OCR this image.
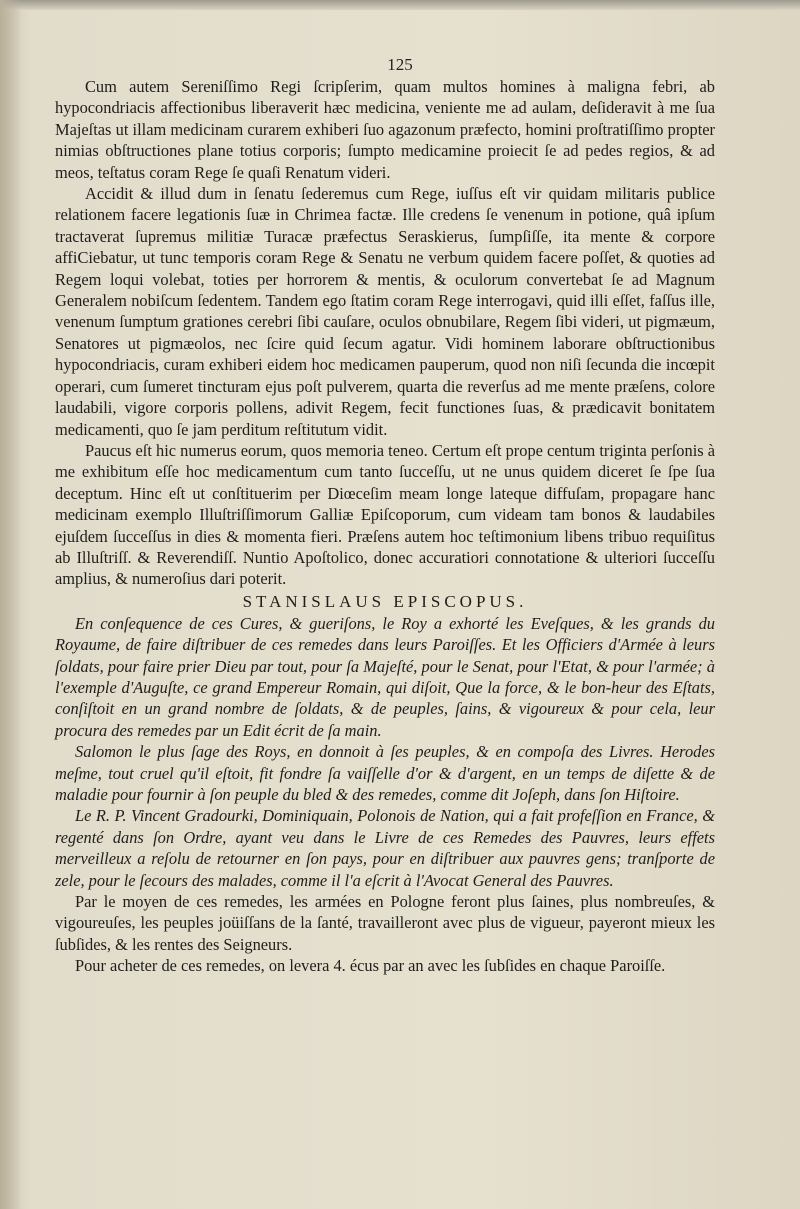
125

Cum autem Sereniſſimo Regi ſcripſerim, quam multos homines à maligna febri, ab hypocondriacis affectionibus liberaverit hæc medicina, veniente me ad aulam, deſideravit à me ſua Majeſtas ut illam medicinam curarem exhiberi ſuo agazonum præfecto, homini proſtratiſſimo propter nimias obſtructiones plane totius corporis; ſumpto medicamine proiecit ſe ad pedes regios, & ad meos, teſtatus coram Rege ſe quaſi Renatum videri.

Accidit & illud dum in ſenatu ſederemus cum Rege, iuſſus eſt vir quidam militaris publice relationem facere legationis ſuæ in Chrimea factæ. Ille credens ſe venenum in potione, quâ ipſum tractaverat ſupremus militiæ Turacæ præfectus Seraskierus, ſumpſiſſe, ita mente & corpore affiCiebatur, ut tunc temporis coram Rege & Senatu ne verbum quidem facere poſſet, & quoties ad Regem loqui volebat, toties per horrorem & mentis, & oculorum convertebat ſe ad Magnum Generalem nobiſcum ſedentem. Tandem ego ſtatim coram Rege interrogavi, quid illi eſſet, faſſus ille, venenum ſumptum grationes cerebri ſibi cauſare, oculos obnubilare, Regem ſibi videri, ut pigmæum, Senatores ut pigmæolos, nec ſcire quid ſecum agatur. Vidi hominem laborare obſtructionibus hypocondriacis, curam exhiberi eidem hoc medicamen pauperum, quod non niſi ſecunda die incœpit operari, cum ſumeret tincturam ejus poſt pulverem, quarta die reverſus ad me mente præſens, colore laudabili, vigore corporis pollens, adivit Regem, fecit functiones ſuas, & prædicavit bonitatem medicamenti, quo ſe jam perditum reſtitutum vidit.

Paucus eſt hic numerus eorum, quos memoria teneo. Certum eſt prope centum triginta perſonis à me exhibitum eſſe hoc medicamentum cum tanto ſucceſſu, ut ne unus quidem diceret ſe ſpe ſua deceptum. Hinc eſt ut conſtituerim per Diœceſim meam longe lateque diffuſam, propagare hanc medicinam exemplo Illuſtriſſimorum Galliæ Epiſcoporum, cum videam tam bonos & laudabiles ejuſdem ſucceſſus in dies & momenta fieri. Præſens autem hoc teſtimonium libens tribuo requiſitus ab Illuſtriſſ. & Reverendiſſ. Nuntio Apoſtolico, donec accuratiori connotatione & ulteriori ſucceſſu amplius, & numeroſius dari poterit.

STANISLAUS EPISCOPUS.

En conſequence de ces Cures, & gueriſons, le Roy a exhorté les Eveſques, & les grands du Royaume, de faire diſtribuer de ces remedes dans leurs Paroiſſes. Et les Officiers d'Armée à leurs ſoldats, pour faire prier Dieu par tout, pour ſa Majeſté, pour le Senat, pour l'Etat, & pour l'armée; à l'exemple d'Auguſte, ce grand Empereur Romain, qui diſoit, Que la force, & le bon-heur des Eſtats, conſiſtoit en un grand nombre de ſoldats, & de peuples, ſains, & vigoureux & pour cela, leur procura des remedes par un Edit écrit de ſa main.

Salomon le plus ſage des Roys, en donnoit à ſes peuples, & en compoſa des Livres. Herodes meſme, tout cruel qu'il eſtoit, fit fondre ſa vaiſſelle d'or & d'argent, en un temps de diſette & de maladie pour fournir à ſon peuple du bled & des remedes, comme dit Joſeph, dans ſon Hiſtoire.

Le R. P. Vincent Gradourki, Dominiquain, Polonois de Nation, qui a fait profeſſion en France, & regenté dans ſon Ordre, ayant veu dans le Livre de ces Remedes des Pauvres, leurs effets merveilleux a reſolu de retourner en ſon pays, pour en diſtribuer aux pauvres gens; tranſporte de zele, pour le ſecours des malades, comme il l'a eſcrit à l'Avocat General des Pauvres.

Par le moyen de ces remedes, les armées en Pologne feront plus ſaines, plus nombreuſes, & vigoureuſes, les peuples joüiſſans de la ſanté, travailleront avec plus de vigueur, payeront mieux les ſubſides, & les rentes des Seigneurs.

Pour acheter de ces remedes, on levera 4. écus par an avec les ſubſides en chaque Paroiſſe.
